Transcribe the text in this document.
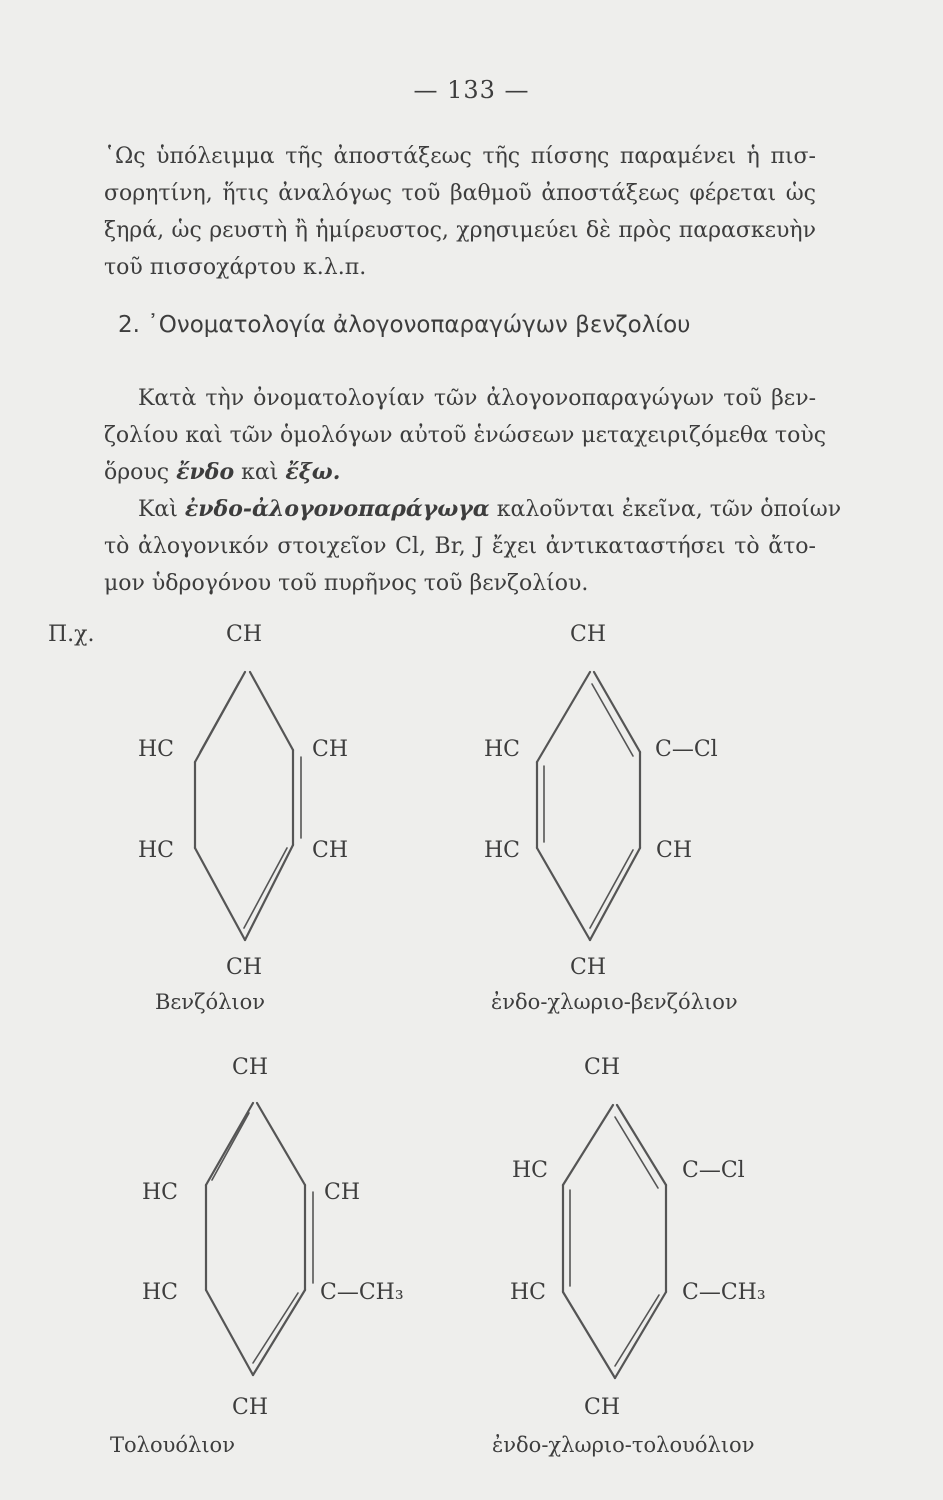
— 133 —
῾Ως ὑπόλειμμα τῆς ἀποστάξεως τῆς πίσσης παραμένει ἡ πισ-
σορητίνη, ἥτις ἀναλόγως τοῦ βαθμοῦ ἀποστάξεως φέρεται ὡς
ξηρά, ὡς ρευστὴ ἢ ἡμίρευστος, χρησιμεύει δὲ πρὸς παρασκευὴν
τοῦ πισσοχάρτου κ.λ.π.
2. ᾿Ονοματολογία ἀλογονοπαραγώγων βενζολίου
Κατὰ τὴν ὀνοματολογίαν τῶν ἀλογονοπαραγώγων τοῦ βεν-
ζολίου καὶ τῶν ὁμολόγων αὐτοῦ ἑνώσεων μεταχειριζόμεθα τοὺς
ὅρους ἔνδο καὶ ἔξω.
Καὶ ἐνδο-ἀλογονοπαράγωγα καλοῦνται ἐκεῖνα, τῶν ὁποίων
τὸ ἀλογονικόν στοιχεῖον Cl, Br, J ἔχει ἀντικαταστήσει τὸ ἄτο-
μον ὑδρογόνου τοῦ πυρῆνος τοῦ βενζολίου.
Π.χ.	CH
HC	CH
HC	CH
CH
Βενζόλιον
CH
HC	C—Cl
HC	CH
CH
ἐνδο-χλωριο-βενζόλιον
CH
HC	CH
HC	C—CH₃
CH
Τολουόλιον
CH
HC	C—Cl
HC	C—CH₃
CH
ἐνδο-χλωριο-τολουόλιον
